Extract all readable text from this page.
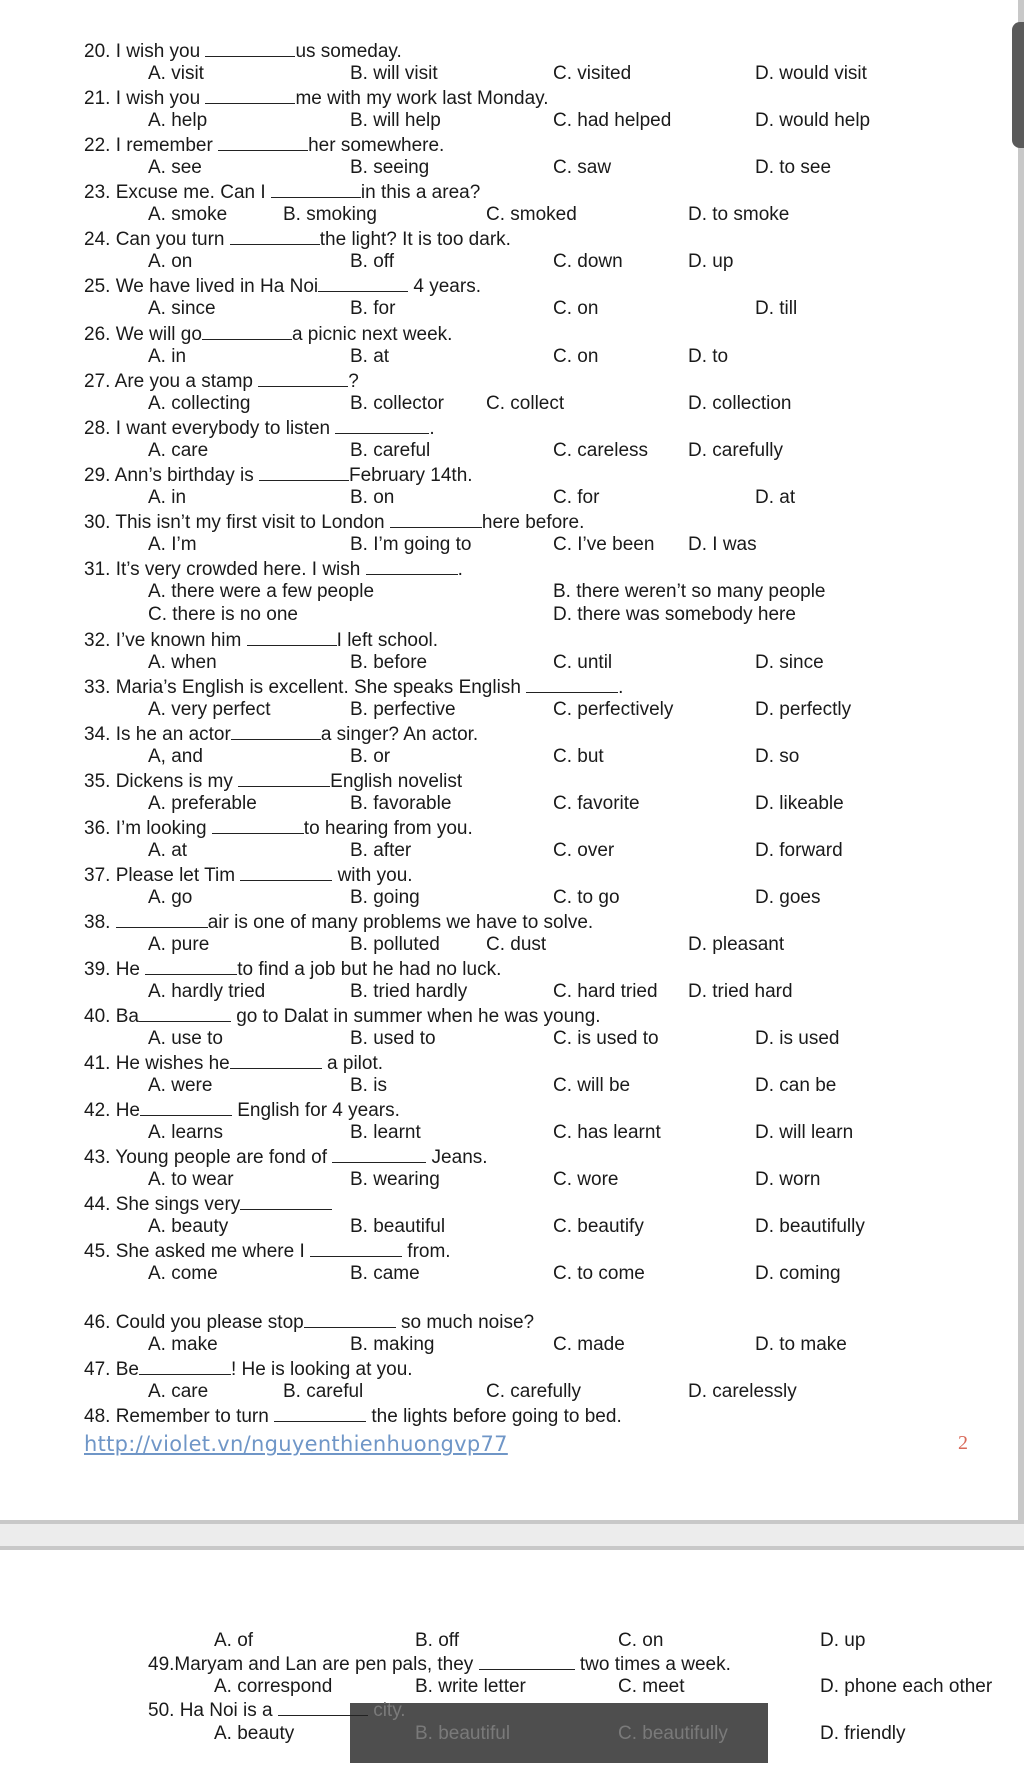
http://violet.vn/nguyenthienhuongvp77	2
A. of	B. off	C. on	D. up
49.Maryam and Lan are pen pals, they	two times a week.
A. correspond	B. write letter	C. meet	D. phone each other
50. Ha Noi is a	city.
A. beauty	B. beautiful	C. beautifully	D. friendly
20. I wish you	us someday.
A. visit	B. will visit	C. visited	D. would visit
21. I wish you	me with my work last Monday.
A. help	B. will help	C. had helped	D. would help
22. I remember	her somewhere.
A. see	B. seeing	C. saw	D. to see
23. Excuse me. Can I	in this a area?
A. smoke	B. smoking	C. smoked	D. to smoke
24. Can you turn	the light? It is too dark.
A. on	B. off	C. down	D. up
25. We have lived in Ha Noi	4 years.
A. since	B. for	C. on	D. till
26. We will go	a picnic next week.
A. in	B. at	C. on	D. to
27. Are you a stamp	?
A. collecting	B. collector C. collect	D. collection
28. I want everybody to listen	.
A. care	B. careful	C. careless D. carefully
29. Ann’s birthday is	February 14th.
A. in	B. on	C. for	D. at
30. This isn’t my first visit to London	here before.
A. I’m	B. I’m going to	C. I’ve been D. I was
31. It’s very crowded here. I wish	.
A. there were a few people	B. there weren’t so many people
C. there is no one	D. there was somebody here
32. I’ve known him	I left school.
A. when	B. before	C. until	D. since
33. Maria’s English is excellent. She speaks English	.
A. very perfect	B. perfective	C. perfectively	D. perfectly
34. Is he an actor	a singer? An actor.
A, and	B. or	C. but	D. so
35. Dickens is my	English novelist
A. preferable	B. favorable	C. favorite	D. likeable
36. I’m looking	to hearing from you.
A. at	B. after	C. over	D. forward
37. Please let Tim	with you.
A. go	B. going	C. to go	D. goes
38.	air is one of many problems we have to solve.
A. pure	B. polluted C. dust	D. pleasant
39. He	to find a job but he had no luck.
A. hardly tried	B. tried hardly	C. hard tried D. tried hard
40. Ba	go to Dalat in summer when he was young.
A. use to	B. used to	C. is used to	D. is used
41. He wishes he	a pilot.
A. were	B. is	C. will be	D. can be
42. He	English for 4 years.
A. learns	B. learnt	C. has learnt	D. will learn
43. Young people are fond of	Jeans.
A. to wear	B. wearing	C. wore	D. worn
44. She sings very
A. beauty	B. beautiful	C. beautify	D. beautifully
45. She asked me where I	from.
A. come	B. came	C. to come	D. coming
46. Could you please stop	so much noise?
A. make	B. making	C. made	D. to make
47. Be	! He is looking at you.
A. care	B. careful	C. carefully	D. carelessly
48. Remember to turn	the lights before going to bed.
